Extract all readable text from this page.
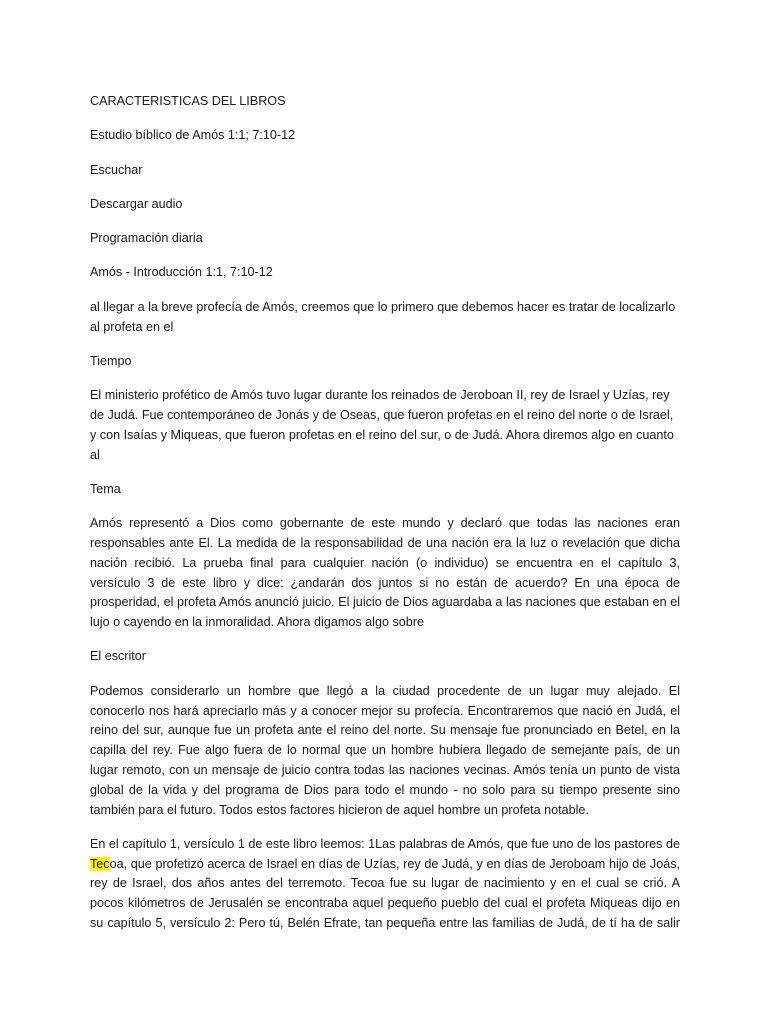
CARACTERISTICAS DEL LIBROS

Estudio bíblico de Amós 1:1; 7:10-12

Escuchar

Descargar audio

Programación diaria

Amós - Introducción 1:1, 7:10-12

al llegar a la breve profecía de Amós, creemos que lo primero que debemos hacer es tratar de localizarlo
al profeta en el

Tiempo

El ministerio profético de Amós tuvo lugar durante los reinados de Jeroboan II, rey de Israel y Uzías, rey
de Judá. Fue contemporáneo de Jonás y de Oseas, que fueron profetas en el reino del norte o de Israel,
y con Isaías y Miqueas, que fueron profetas en el reino del sur, o de Judá. Ahora diremos algo en cuanto
al

Tema

Amós representó a Dios como gobernante de este mundo y declaró que todas las naciones eran
responsables ante El. La medida de la responsabilidad de una nación era la luz o revelación que dicha
nación recibió. La prueba final para cualquier nación (o individuo) se encuentra en el capítulo 3,
versículo 3 de este libro y dice: ¿andarán dos juntos si no están de acuerdo? En una época de
prosperidad, el profeta Amós anunció juicio. El juicio de Dios aguardaba a las naciones que estaban en el
lujo o cayendo en la inmoralidad. Ahora digamos algo sobre

El escritor

Podemos considerarlo un hombre que llegó a la ciudad procedente de un lugar muy alejado. El
conocerlo nos hará apreciarlo más y a conocer mejor su profecía. Encontraremos que nació en Judá, el
reino del sur, aunque fue un profeta ante el reino del norte. Su mensaje fue pronunciado en Betel, en la
capilla del rey. Fue algo fuera de lo normal que un hombre hubiera llegado de semejante país, de un
lugar remoto, con un mensaje de juicio contra todas las naciones vecinas. Amós tenía un punto de vista
global de la vida y del programa de Dios para todo el mundo - no solo para su tiempo presente sino
también para el futuro. Todos estos factores hicieron de aquel hombre un profeta notable.

En el capítulo 1, versículo 1 de este libro leemos: 1Las palabras de Amós, que fue uno de los pastores de
Tecoa, que profetizó acerca de Israel en días de Uzías, rey de Judá, y en días de Jeroboam hijo de Joás,
rey de Israel, dos años antes del terremoto. Tecoa fue su lugar de nacimiento y en el cual se crió. A
pocos kilómetros de Jerusalén se encontraba aquel pequeño pueblo del cual el profeta Miqueas dijo en
su capítulo 5, versículo 2: Pero tú, Belén Efrate, tan pequeña entre las familias de Judá, de tí ha de salir
